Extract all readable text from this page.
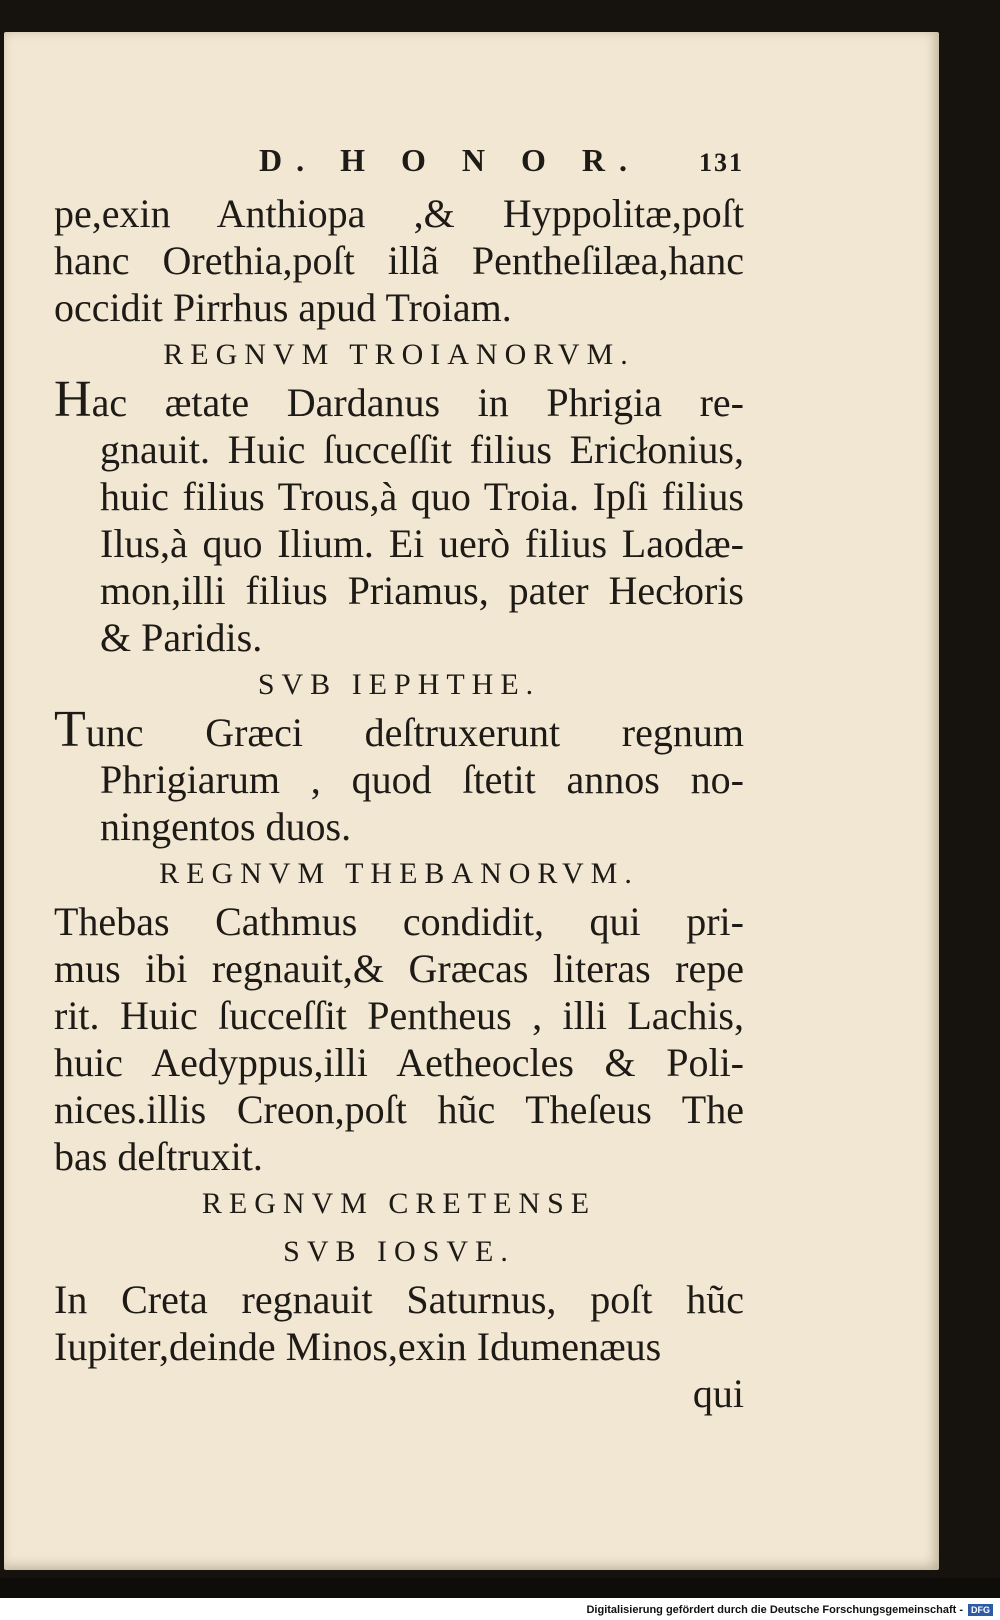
D. H O N O R. 131
pe,exin Anthiopa ,& Hyppolitæ,poſt
hanc Orethia,poſt illã Pentheſilæa,hanc
occidit Pirrhus apud Troiam.
REGNVM TROIANORVM.
Hac ætate Dardanus in Phrigia re-
gnauit. Huic ſucceſſit filius Ericłonius,
huic filius Trous,à quo Troia. Ipſi filius
Ilus,à quo Ilium. Ei uerò filius Laodæ-
mon,illi filius Priamus, pater Hecłoris
& Paridis.
SVB IEPHTHE.
Tunc Græci deſtruxerunt regnum
Phrigiarum , quod ſtetit annos no-
ningentos duos.
REGNVM THEBANORVM.
Thebas Cathmus condidit, qui pri-
mus ibi regnauit,& Græcas literas repe
rit. Huic ſucceſſit Pentheus , illi Lachis,
huic Aedyppus,illi Aetheocles & Poli-
nices.illis Creon,poſt hũc Theſeus The
bas deſtruxit.
REGNVM CRETENSE
SVB IOSVE.
In Creta regnauit Saturnus, poſt hũc
Iupiter,deinde Minos,exin Idumenæus
qui
Digitalisierung gefördert durch die Deutsche Forschungsgemeinschaft - DFG
